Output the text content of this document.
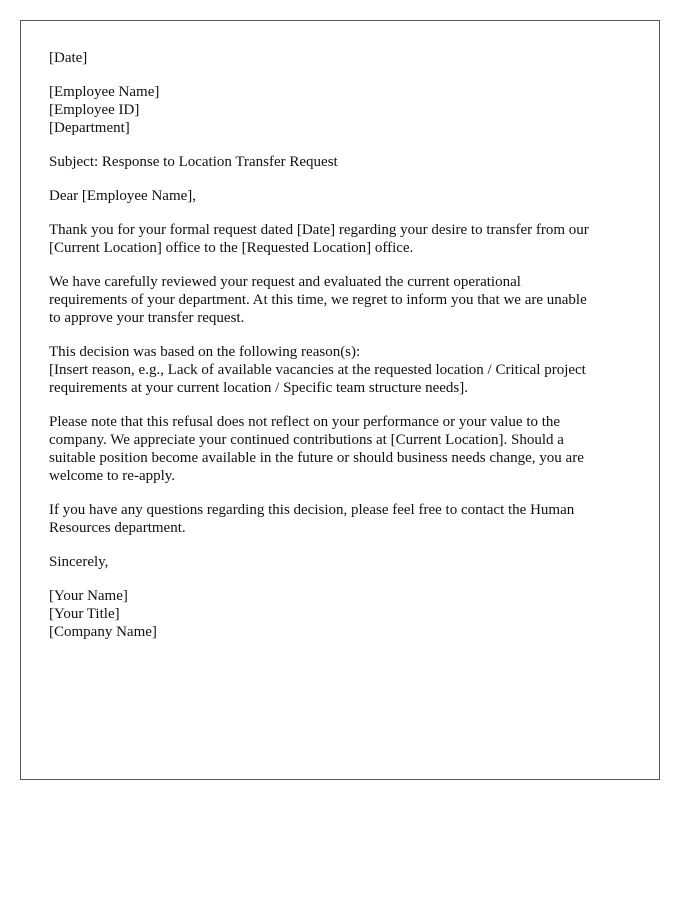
[Date]
[Employee Name]
[Employee ID]
[Department]
Subject: Response to Location Transfer Request
Dear [Employee Name],
Thank you for your formal request dated [Date] regarding your desire to transfer from our
[Current Location] office to the [Requested Location] office.
We have carefully reviewed your request and evaluated the current operational
requirements of your department. At this time, we regret to inform you that we are unable
to approve your transfer request.
This decision was based on the following reason(s):
[Insert reason, e.g., Lack of available vacancies at the requested location / Critical project
requirements at your current location / Specific team structure needs].
Please note that this refusal does not reflect on your performance or your value to the
company. We appreciate your continued contributions at [Current Location]. Should a
suitable position become available in the future or should business needs change, you are
welcome to re-apply.
If you have any questions regarding this decision, please feel free to contact the Human
Resources department.
Sincerely,
[Your Name]
[Your Title]
[Company Name]
